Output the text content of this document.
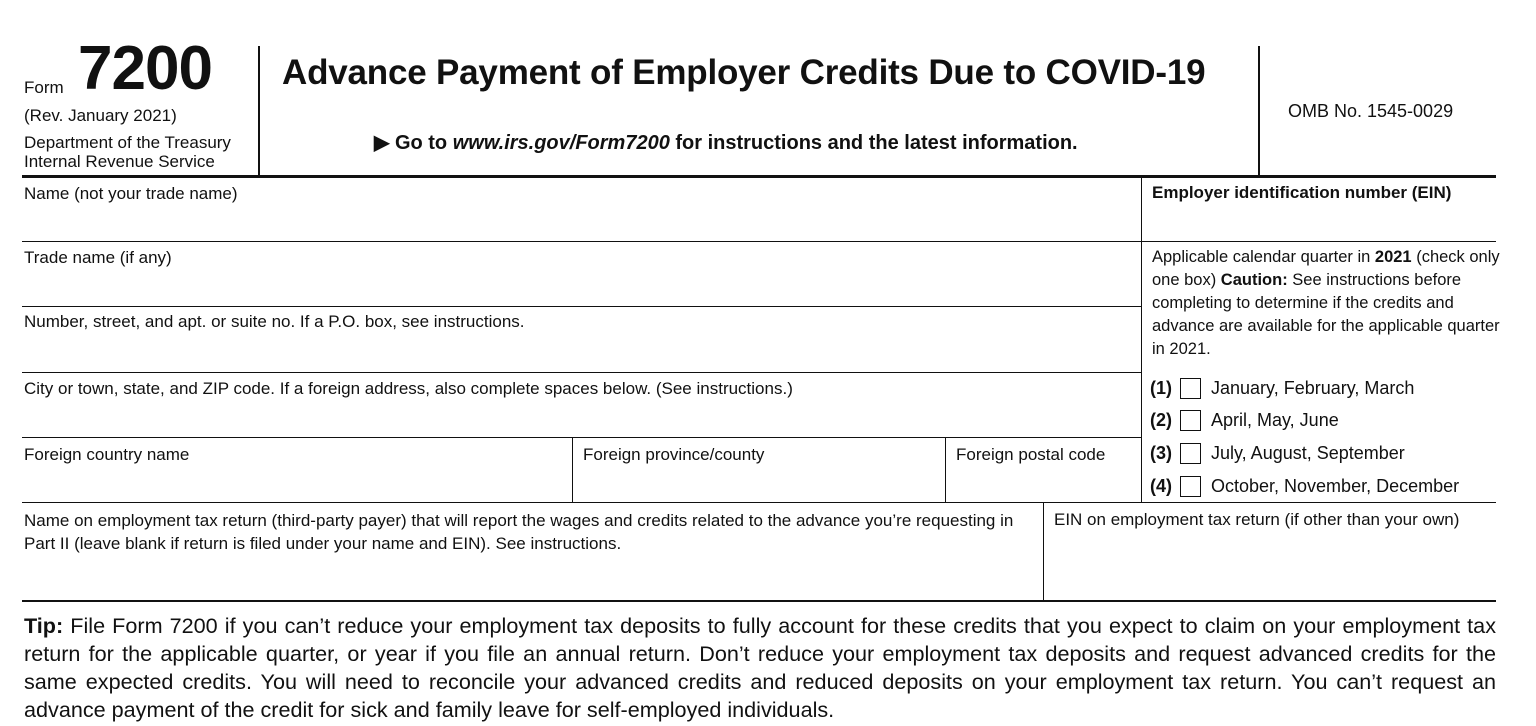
Form 7200
(Rev. January 2021)
Department of the Treasury
Internal Revenue Service
Advance Payment of Employer Credits Due to COVID-19
▶ Go to www.irs.gov/Form7200 for instructions and the latest information.
OMB No. 1545-0029
Name (not your trade name)
Trade name (if any)
Number, street, and apt. or suite no. If a P.O. box, see instructions.
City or town, state, and ZIP code. If a foreign address, also complete spaces below. (See instructions.)
Foreign country name	Foreign province/county	Foreign postal code
Name on employment tax return (third-party payer) that will report the wages and credits related to the advance you’re requesting in Part II (leave blank if return is filed under your name and EIN). See instructions.
EIN on employment tax return (if other than your own)
Employer identification number (EIN)
Applicable calendar quarter in 2021 (check only one box) Caution: See instructions before completing to determine if the credits and advance are available for the applicable quarter in 2021.
(1)	January, February, March
(2)	April, May, June
(3)	July, August, September
(4)	October, November, December
Tip: File Form 7200 if you can’t reduce your employment tax deposits to fully account for these credits that you expect to claim on your employment tax return for the applicable quarter, or year if you file an annual return. Don’t reduce your employment tax deposits and request advanced credits for the same expected credits. You will need to reconcile your advanced credits and reduced deposits on your employment tax return. You can’t request an advance payment of the credit for sick and family leave for self-employed individuals.
